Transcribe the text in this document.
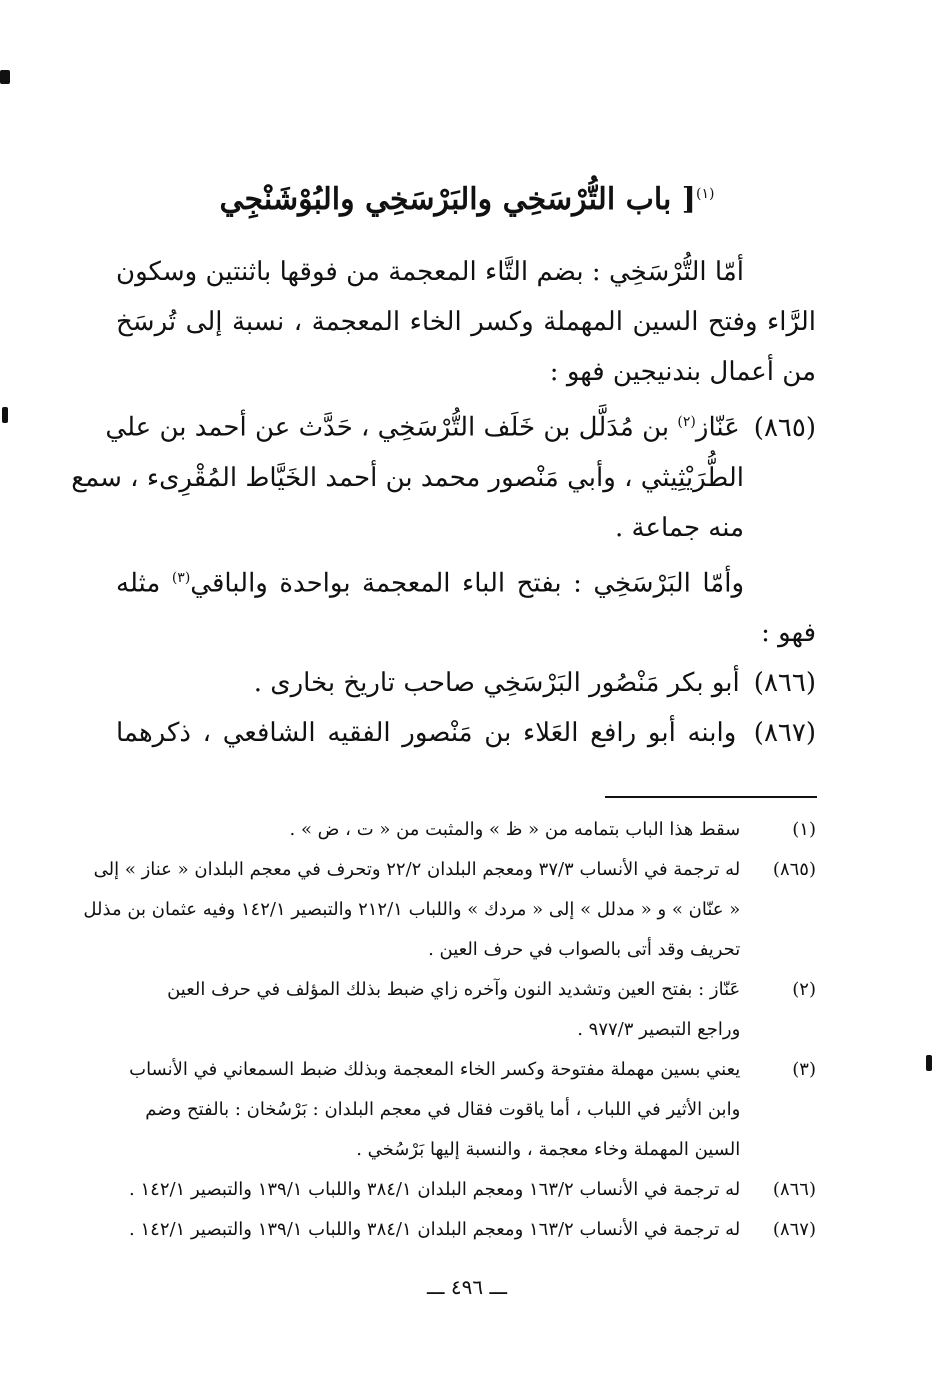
$^{(١)}$[ باب التُّرْسَخِي والبَرْسَخِي والبُوْشَنْجِي
أمّا التُّرْسَخِي : بضم التَّاء المعجمة من فوقها باثنتين وسكون
الرَّاء وفتح السين المهملة وكسر الخاء المعجمة ، نسبة إلى تُرسَخ
من أعمال بندنيجين فهو :
(٨٦٥) عَنّاز$^{(٢)}$ بن مُدَلَّل بن خَلَف التُّرْسَخِي ، حَدَّث عن أحمد بن علي
الطُّرَيْثِيثي ، وأبي مَنْصور محمد بن أحمد الخَيَّاط المُقْرِىء ، سمع
منه جماعة .
وأمّا البَرْسَخِي : بفتح الباء المعجمة بواحدة والباقي$^{(٣)}$ مثله
فهو :
(٨٦٦) أبو بكر مَنْصُور البَرْسَخِي صاحب تاريخ بخارى .
(٨٦٧) وابنه أبو رافع العَلاء بن مَنْصور الفقيه الشافعي ، ذكرهما
(١) سقط هذا الباب بتمامه من « ظ » والمثبت من « ت ، ض » .
(٨٦٥) له ترجمة في الأنساب ٣٧/٣ ومعجم البلدان ٢٢/٢ وتحرف في معجم البلدان « عناز » إلى
« عنّان » و « مدلل » إلى « مردك » واللباب ٢١٢/١ والتبصير ١٤٢/١ وفيه عثمان بن مذلل
تحريف وقد أتى بالصواب في حرف العين .
(٢) عَنّاز : بفتح العين وتشديد النون وآخره زاي ضبط بذلك المؤلف في حرف العين
وراجع التبصير ٩٧٧/٣ .
(٣) يعني بسين مهملة مفتوحة وكسر الخاء المعجمة وبذلك ضبط السمعاني في الأنساب
وابن الأثير في اللباب ، أما ياقوت فقال في معجم البلدان : بَرْسُخان : بالفتح وضم
السين المهملة وخاء معجمة ، والنسبة إليها بَرْسُخي .
(٨٦٦) له ترجمة في الأنساب ١٦٣/٢ ومعجم البلدان ٣٨٤/١ واللباب ١٣٩/١ والتبصير ١٤٢/١ .
(٨٦٧) له ترجمة في الأنساب ١٦٣/٢ ومعجم البلدان ٣٨٤/١ واللباب ١٣٩/١ والتبصير ١٤٢/١ .
ـــ ٤٩٦ ـــ
